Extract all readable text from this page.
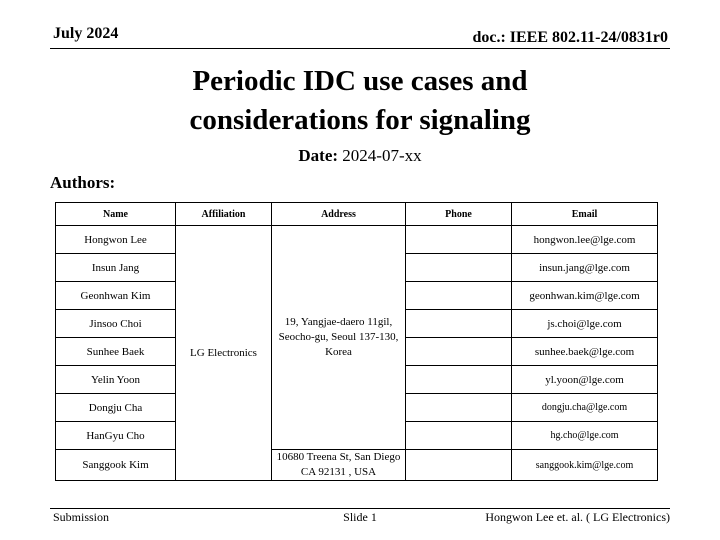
July 2024	doc.: IEEE 802.11-24/0831r0
Periodic IDC use cases and
considerations for signaling
Date: 2024-07-xx
Authors:
Name	Affiliation	Address	Phone	Email
Hongwon Lee	LG Electronics	19, Yangjae-daero 11gil, Seocho-gu, Seoul 137-130, Korea		hongwon.lee@lge.com
Insun Jang				insun.jang@lge.com
Geonhwan Kim				geonhwan.kim@lge.com
Jinsoo Choi				js.choi@lge.com
Sunhee Baek				sunhee.baek@lge.com
Yelin Yoon				yl.yoon@lge.com
Dongju Cha				dongju.cha@lge.com
HanGyu Cho				hg.cho@lge.com
Sanggook Kim		10680 Treena St, San Diego CA 92131 , USA		sanggook.kim@lge.com
Submission	Slide 1	Hongwon Lee et. al. ( LG Electronics)
